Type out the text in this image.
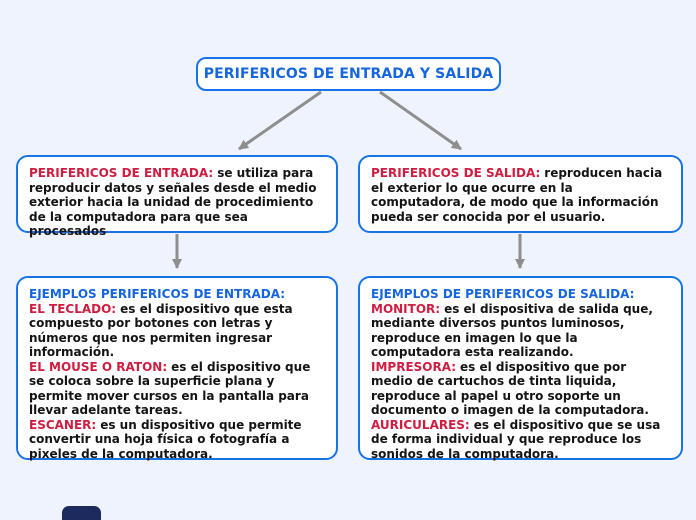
PERIFERICOS DE ENTRADA Y SALIDA

PERIFERICOS DE ENTRADA: se utiliza para reproducir datos y señales desde el medio exterior hacia la unidad de procedimiento de la computadora para que sea procesados

PERIFERICOS DE SALIDA: reproducen hacia el exterior lo que ocurre en la computadora, de modo que la información pueda ser conocida por el usuario.

EJEMPLOS PERIFERICOS DE ENTRADA:

EL TECLADO: es el dispositivo que esta compuesto por botones con letras y números que nos permiten ingresar información.

EL MOUSE O RATON: es el dispositivo que se coloca sobre la superficie plana y permite mover cursos en la pantalla para llevar adelante tareas.

ESCANER: es un dispositivo que permite convertir una hoja física o fotografía a pixeles de la computadora.

EJEMPLOS DE PERIFERICOS DE SALIDA:

MONITOR: es el dispositiva de salida que, mediante diversos puntos luminosos, reproduce en imagen lo que la computadora esta realizando.

IMPRESORA: es el dispositivo que por medio de cartuchos de tinta liquida, reproduce al papel u otro soporte un documento o imagen de la computadora.

AURICULARES: es el dispositivo que se usa de forma individual y que reproduce los sonidos de la computadora.
